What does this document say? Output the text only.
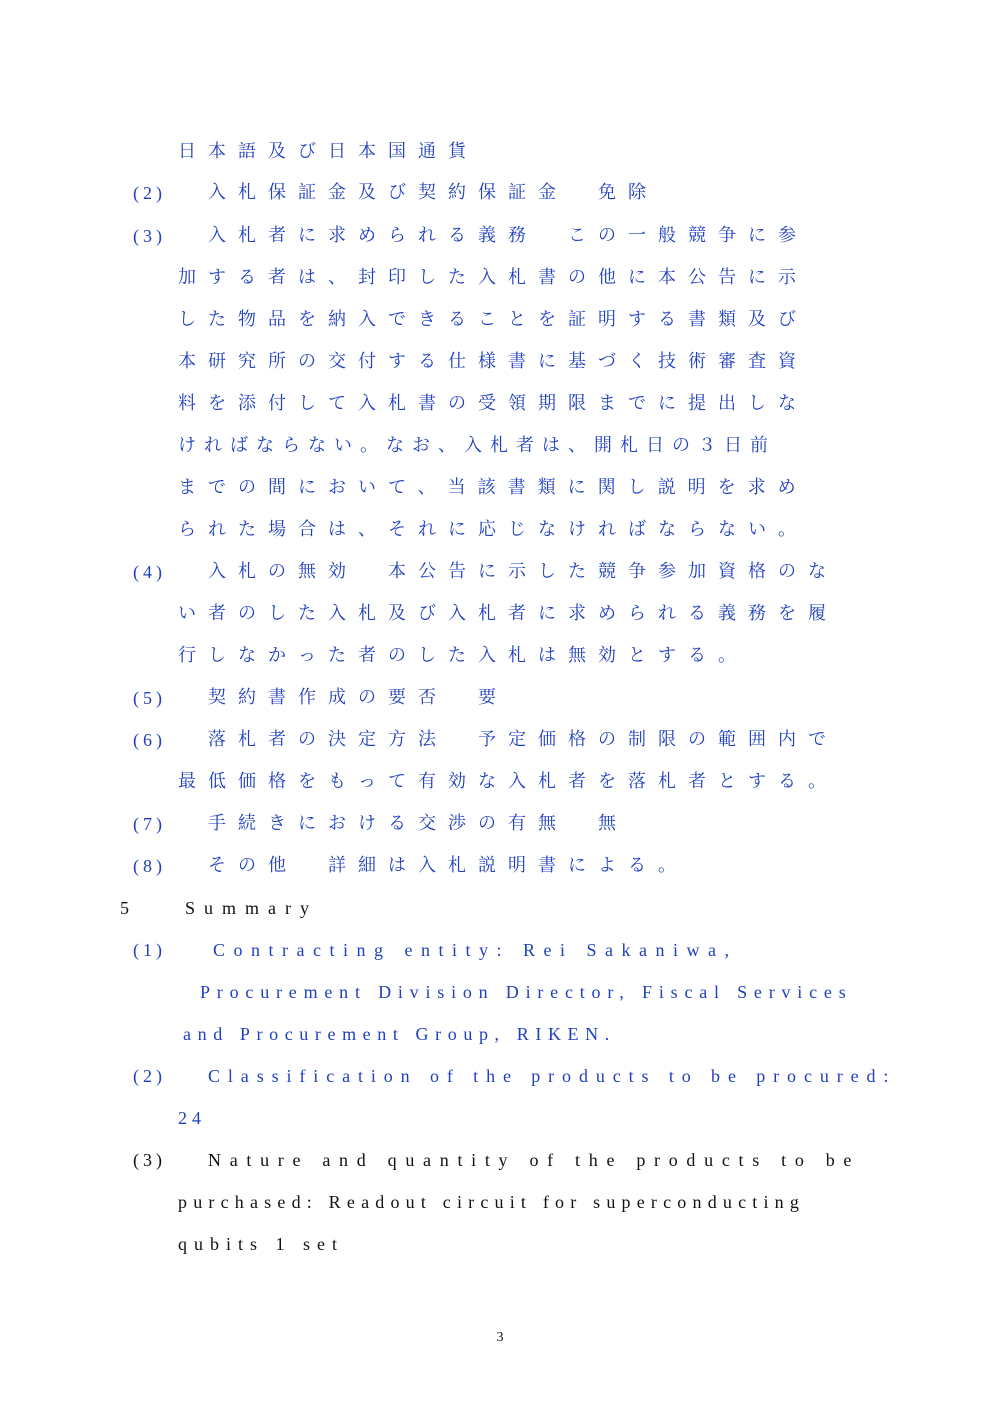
日本語及び日本国通貨
(2) 入札保証金及び契約保証金　免除
(3) 入札者に求められる義務　この一般競争に参
加する者は、封印した入札書の他に本公告に示
した物品を納入できることを証明する書類及び
本研究所の交付する仕様書に基づく技術審査資
料を添付して入札書の受領期限までに提出しな
ければならない。なお、入札者は、開札日の３日前
までの間において、当該書類に関し説明を求め
られた場合は、それに応じなければならない。
(4) 入札の無効　本公告に示した競争参加資格のな
い者のした入札及び入札者に求められる義務を履
行しなかった者のした入札は無効とする。
(5) 契約書作成の要否　要
(6) 落札者の決定方法　予定価格の制限の範囲内で
最低価格をもって有効な入札者を落札者とする。
(7) 手続きにおける交渉の有無　無
(8) その他　詳細は入札説明書による。
5	Summary
(1)	Contracting entity: Rei Sakaniwa,
Procurement Division Director, Fiscal Services
and Procurement Group, RIKEN.
(2) Classification of the products to be procured:
24
(3) Nature and quantity of the products to be
purchased: Readout circuit for superconducting
qubits 1 set
3
